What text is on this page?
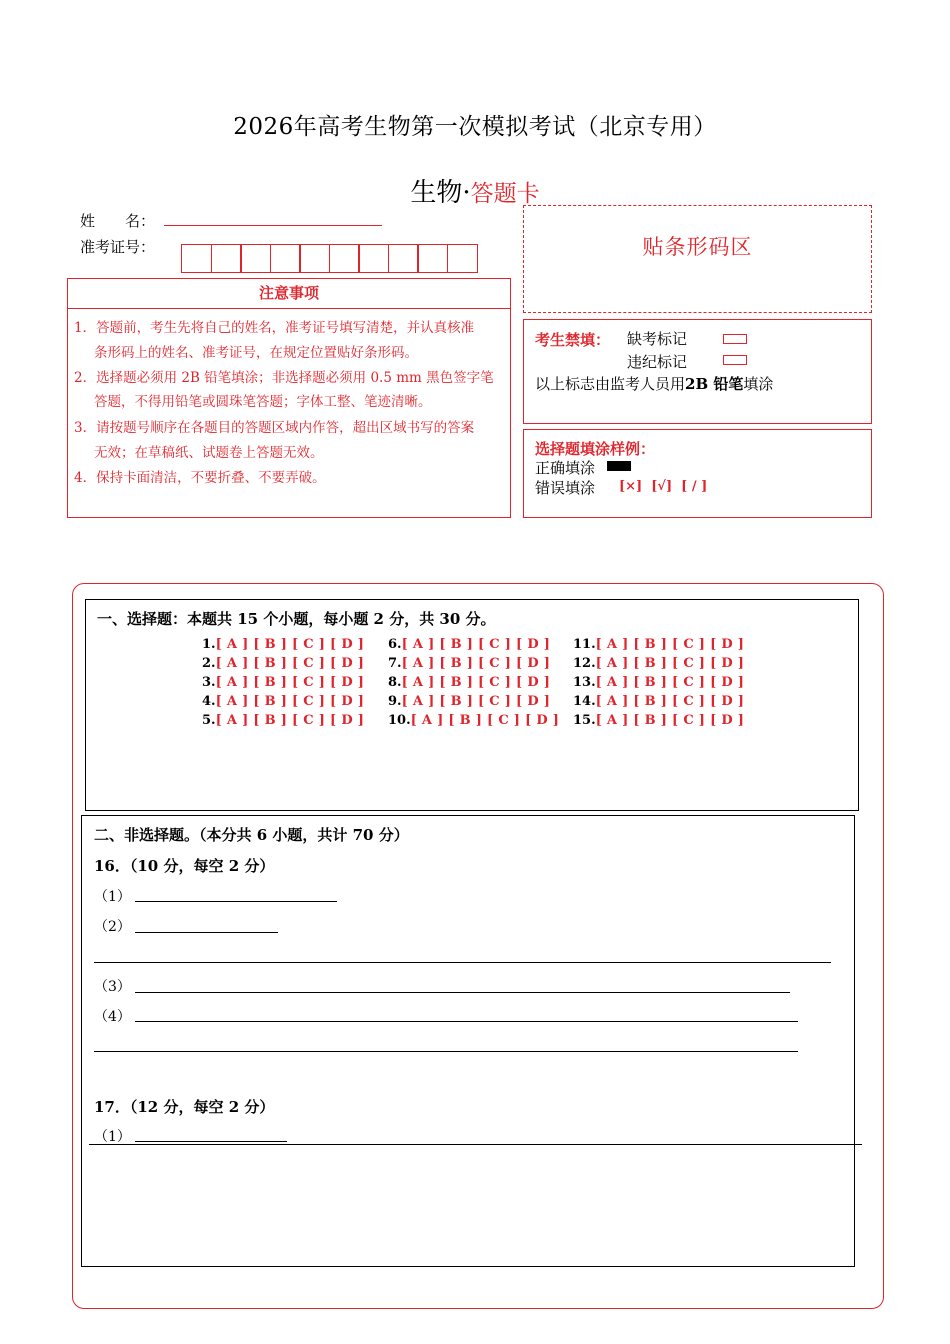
2026年高考生物第一次模拟考试（北京专用）
生物·答题卡
姓　　名：
准考证号：
注意事项
1．答题前，考生先将自己的姓名，准考证号填写清楚，并认真核准
条形码上的姓名、准考证号，在规定位置贴好条形码。
2．选择题必须用 2B 铅笔填涂；非选择题必须用 0.5 mm 黑色签字笔
答题，不得用铅笔或圆珠笔答题；字体工整、笔迹清晰。
3．请按题号顺序在各题目的答题区域内作答，超出区域书写的答案
无效；在草稿纸、试题卷上答题无效。
4．保持卡面清洁，不要折叠、不要弄破。
贴条形码区
考生禁填： 缺考标记
违纪标记
以上标志由监考人员用2B 铅笔填涂
选择题填涂样例：
正确填涂
错误填涂 [×]  [√]  [ / ]
一、选择题：本题共 15 个小题，每小题 2 分，共 30 分。
1.[ A ] [ B ] [ C ] [ D ]
2.[ A ] [ B ] [ C ] [ D ]
3.[ A ] [ B ] [ C ] [ D ]
4.[ A ] [ B ] [ C ] [ D ]
5.[ A ] [ B ] [ C ] [ D ]
6.[ A ] [ B ] [ C ] [ D ]
7.[ A ] [ B ] [ C ] [ D ]
8.[ A ] [ B ] [ C ] [ D ]
9.[ A ] [ B ] [ C ] [ D ]
10.[ A ] [ B ] [ C ] [ D ]
11.[ A ] [ B ] [ C ] [ D ]
12.[ A ] [ B ] [ C ] [ D ]
13.[ A ] [ B ] [ C ] [ D ]
14.[ A ] [ B ] [ C ] [ D ]
15.[ A ] [ B ] [ C ] [ D ]
二、非选择题。（本分共 6 小题，共计 70 分）
16．（10 分，每空 2 分）
（1）
（2）
（3）
（4）
17．（12 分，每空 2 分）
（1）
